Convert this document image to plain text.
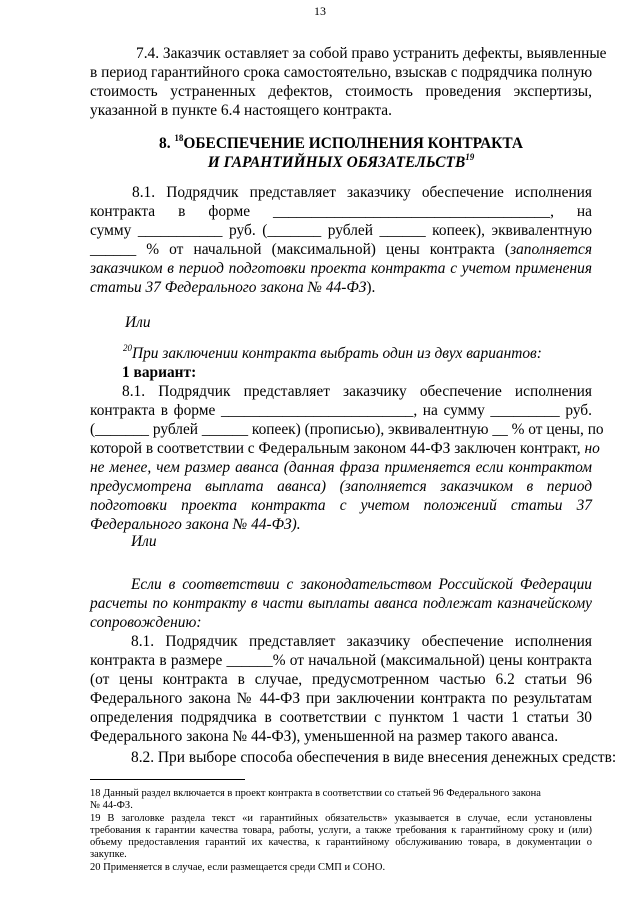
13
7.4. Заказчик оставляет за собой право устранить дефекты, выявленные
в период гарантийного срока самостоятельно, взыскав с подрядчика полную
стоимость устраненных дефектов, стоимость проведения экспертизы,
указанной в пункте 6.4 настоящего контракта.
8. $^{18}$ОБЕСПЕЧЕНИЕ ИСПОЛНЕНИЯ КОНТРАКТА
И ГАРАНТИЙНЫХ ОБЯЗАТЕЛЬСТВ$^{19}$
8.1. Подрядчик представляет заказчику обеспечение исполнения
контракта в форме ____________________________________, на
сумму ___________ руб. (_______ рублей ______ копеек), эквивалентную
______ % от начальной (максимальной) цены контракта (заполняется
заказчиком в период подготовки проекта контракта с учетом применения
статьи 37 Федерального закона № 44-ФЗ).
Или
$^{20}$При заключении контракта выбрать один из двух вариантов:
1 вариант:
8.1. Подрядчик представляет заказчику обеспечение исполнения
контракта в форме _________________________, на сумму _________ руб.
(_______ рублей ______ копеек) (прописью), эквивалентную __ % от цены, по
которой в соответствии с Федеральным законом 44-ФЗ заключен контракт, но
не менее, чем размер аванса (данная фраза применяется если контрактом
предусмотрена выплата аванса) (заполняется заказчиком в период
подготовки проекта контракта с учетом положений статьи 37
Федерального закона № 44-ФЗ).
Или
Если в соответствии с законодательством Российской Федерации
расчеты по контракту в части выплаты аванса подлежат казначейскому
сопровождению:
8.1. Подрядчик представляет заказчику обеспечение исполнения
контракта в размере ______% от начальной (максимальной) цены контракта
(от цены контракта в случае, предусмотренном частью 6.2 статьи 96
Федерального закона № 44-ФЗ при заключении контракта по результатам
определения подрядчика в соответствии с пунктом 1 части 1 статьи 30
Федерального закона № 44-ФЗ), уменьшенной на размер такого аванса.
8.2. При выборе способа обеспечения в виде внесения денежных средств:
18 Данный раздел включается в проект контракта в соответствии со статьей 96 Федерального закона
№ 44-ФЗ.
19 В заголовке раздела текст «и гарантийных обязательств» указывается в случае, если установлены
требования к гарантии качества товара, работы, услуги, а также требования к гарантийному сроку и (или)
объему предоставления гарантий их качества, к гарантийному обслуживанию товара, в документации о
закупке.
20 Применяется в случае, если размещается среди СМП и СОНО.
